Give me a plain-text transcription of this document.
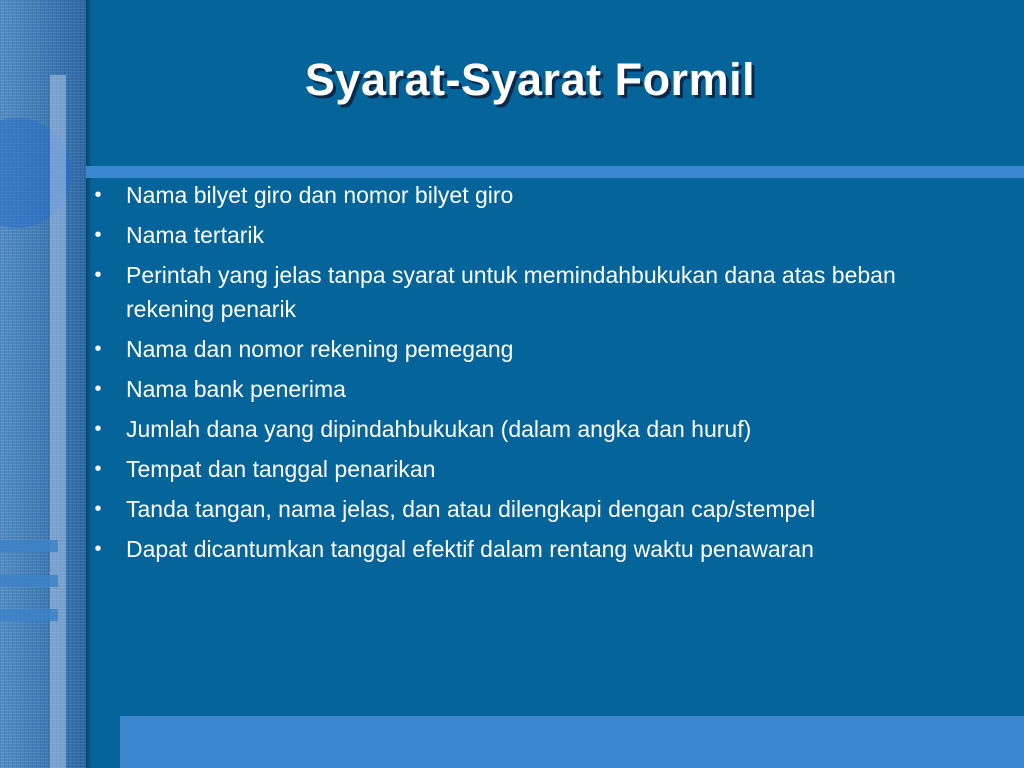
Syarat-Syarat Formil
• Nama bilyet giro dan nomor bilyet giro
• Nama tertarik
• Perintah yang jelas tanpa syarat untuk memindahbukukan dana atas beban rekening penarik
• Nama dan nomor rekening pemegang
• Nama bank penerima
• Jumlah dana yang dipindahbukukan (dalam angka dan huruf)
• Tempat dan tanggal penarikan
• Tanda tangan, nama jelas, dan atau dilengkapi dengan cap/stempel
• Dapat dicantumkan tanggal efektif dalam rentang waktu penawaran
